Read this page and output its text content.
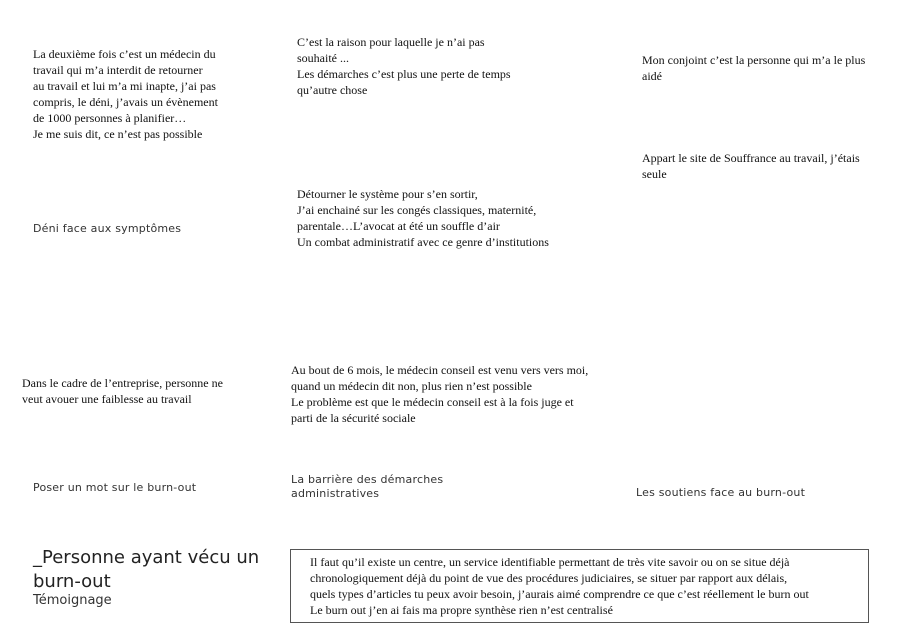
La deuxième fois c’est un médecin du
travail qui m’a interdit de retourner
au travail et lui m’a mi inapte, j’ai pas
compris, le déni, j’avais un évènement
de 1000 personnes à planifier…
Je me suis dit, ce n’est pas possible
C’est la raison pour laquelle je n’ai pas
souhaité ...
Les démarches c’est plus une perte de temps
qu’autre chose
Mon conjoint c’est la personne qui m’a le plus
aidé
Appart le site de Souffrance au travail, j’étais
seule
Détourner le système pour s’en sortir,
J’ai enchainé sur les congés classiques, maternité,
parentale…L’avocat at été un souffle d’air
Un combat administratif avec ce genre d’institutions
Déni face aux symptômes
Dans le cadre de l’entreprise, personne ne
veut avouer une faiblesse au travail
Au bout de 6 mois, le médecin conseil est venu vers vers moi,
quand un médecin dit non, plus rien n’est possible
Le problème est que le médecin conseil est à la fois juge et
parti de la sécurité sociale
Poser un mot sur le burn-out
La barrière des démarches
administratives	Les soutiens face au burn-out
_Personne ayant vécu un
burn-out
Témoignage
Il faut qu’il existe un centre, un service identifiable permettant de très vite savoir ou on se situe déjà
chronologiquement déjà du point de vue des procédures judiciaires, se situer par rapport aux délais,
quels types d’articles tu peux avoir besoin, j’aurais aimé comprendre ce que c’est réellement le burn out
Le burn out j’en ai fais ma propre synthèse rien n’est centralisé
